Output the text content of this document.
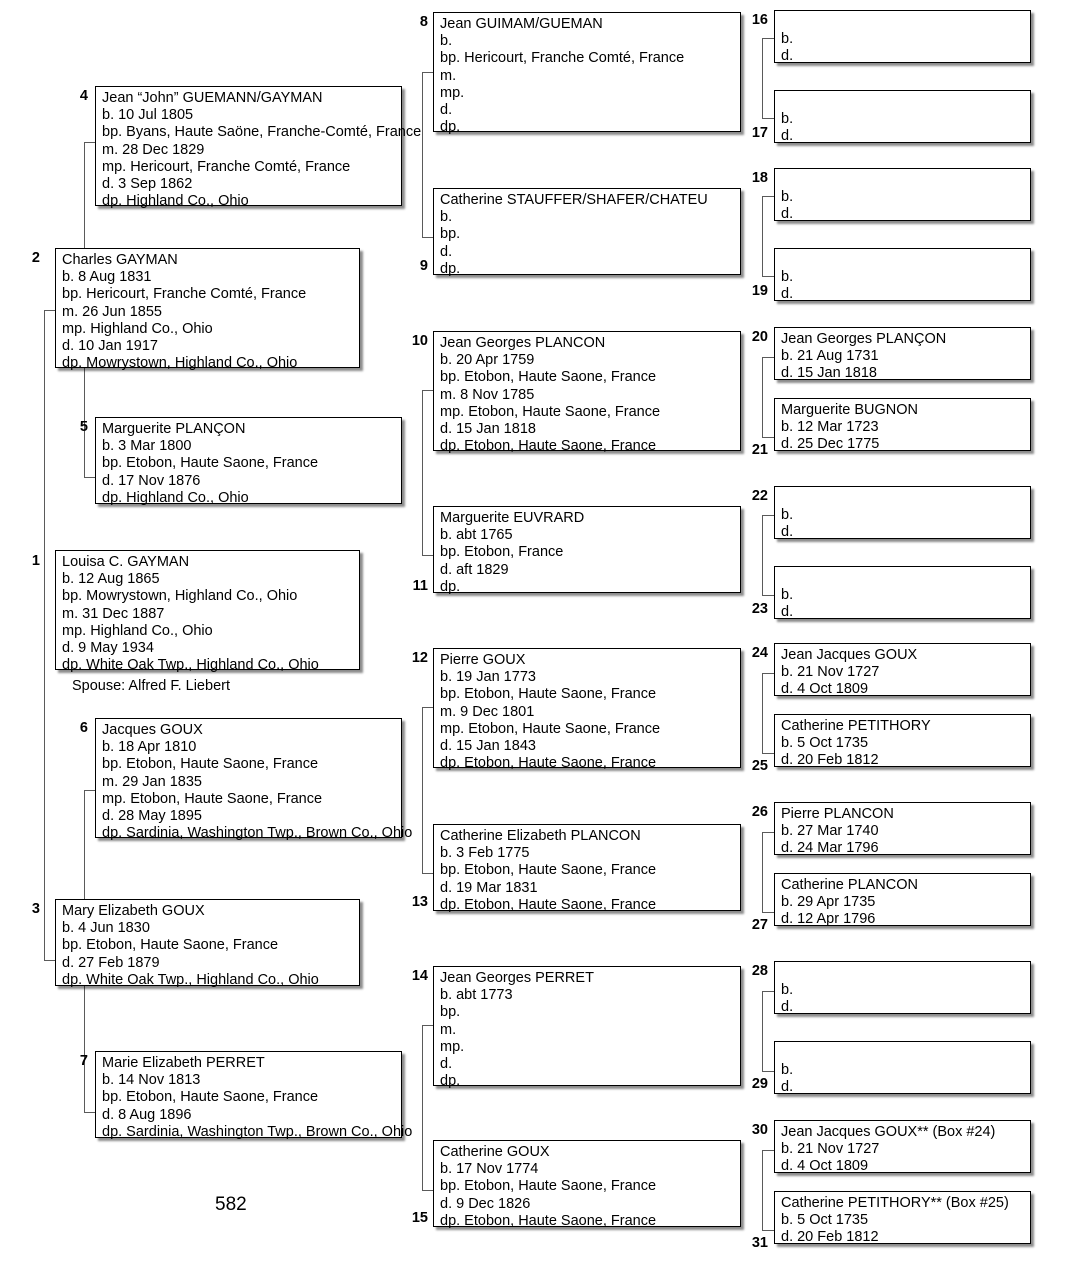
1 Louisa C. GAYMAN
b. 12 Aug 1865
bp. Mowrystown, Highland Co., Ohio
m. 31 Dec 1887
mp. Highland Co., Ohio
d. 9 May 1934
dp. White Oak Twp., Highland Co., Ohio
Spouse: Alfred F. Liebert
2 Charles GAYMAN
b. 8 Aug 1831
bp. Hericourt, Franche Comté, France
m. 26 Jun 1855
mp. Highland Co., Ohio
d. 10 Jan 1917
dp. Mowrystown, Highland Co., Ohio
3 Mary Elizabeth GOUX
b. 4 Jun 1830
bp. Etobon, Haute Saone, France
d. 27 Feb 1879
dp. White Oak Twp., Highland Co., Ohio
4 Jean “John” GUEMANN/GAYMAN
b. 10 Jul 1805
bp. Byans, Haute Saöne, Franche-Comté, France
m. 28 Dec 1829
mp. Hericourt, Franche Comté, France
d. 3 Sep 1862
dp. Highland Co., Ohio
5 Marguerite PLANÇON
b. 3 Mar 1800
bp. Etobon, Haute Saone, France
d. 17 Nov 1876
dp. Highland Co., Ohio
6 Jacques GOUX
b. 18 Apr 1810
bp. Etobon, Haute Saone, France
m. 29 Jan 1835
mp. Etobon, Haute Saone, France
d. 28 May 1895
dp. Sardinia, Washington Twp., Brown Co., Ohio
7 Marie Elizabeth PERRET
b. 14 Nov 1813
bp. Etobon, Haute Saone, France
d. 8 Aug 1896
dp. Sardinia, Washington Twp., Brown Co., Ohio
8 Jean GUIMAM/GUEMAN
b.
bp. Hericourt, Franche Comté, France
m.
mp.
d.
dp.
9
Catherine STAUFFER/SHAFER/CHATEU
b.
bp.
d.
dp.
10 Jean Georges PLANCON
b. 20 Apr 1759
bp. Etobon, Haute Saone, France
m. 8 Nov 1785
mp. Etobon, Haute Saone, France
d. 15 Jan 1818
dp. Etobon, Haute Saone, France
11
Marguerite EUVRARD
b. abt 1765
bp. Etobon, France
d. aft 1829
dp.
12 Pierre GOUX
b. 19 Jan 1773
bp. Etobon, Haute Saone, France
m. 9 Dec 1801
mp. Etobon, Haute Saone, France
d. 15 Jan 1843
dp. Etobon, Haute Saone, France
13
Catherine Elizabeth PLANCON
b. 3 Feb 1775
bp. Etobon, Haute Saone, France
d. 19 Mar 1831
dp. Etobon, Haute Saone, France
14 Jean Georges PERRET
b. abt 1773
bp.
m.
mp.
d.
dp.
15
Catherine GOUX
b. 17 Nov 1774
bp. Etobon, Haute Saone, France
d. 9 Dec 1826
dp. Etobon, Haute Saone, France
16

b.
d.
17

b.
d.
18

b.
d.
19

b.
d.
20 Jean Georges PLANÇON
b. 21 Aug 1731
d. 15 Jan 1818
21
Marguerite BUGNON
b. 12 Mar 1723
d. 25 Dec 1775
22

b.
d.
23

b.
d.
24 Jean Jacques GOUX
b. 21 Nov 1727
d. 4 Oct 1809
25
Catherine PETITHORY
b. 5 Oct 1735
d. 20 Feb 1812
26 Pierre PLANCON
b. 27 Mar 1740
d. 24 Mar 1796
27
Catherine PLANCON
b. 29 Apr 1735
d. 12 Apr 1796
28

b.
d.
29

b.
d.
30 Jean Jacques GOUX** (Box #24)
b. 21 Nov 1727
d. 4 Oct 1809
31
Catherine PETITHORY** (Box #25)
b. 5 Oct 1735
d. 20 Feb 1812
582
